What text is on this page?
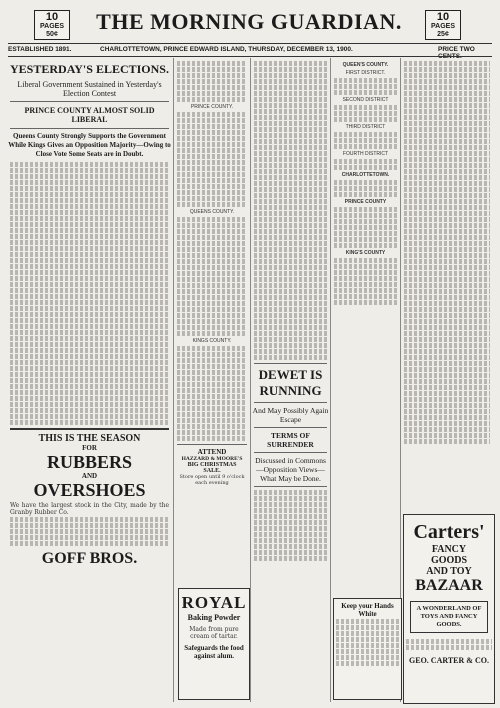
10
PAGES
50¢
THE MORNING GUARDIAN.	10
PAGES
25¢
ESTABLISHED 1891.	CHARLOTTETOWN, PRINCE EDWARD ISLAND, THURSDAY, DECEMBER 13, 1900.	PRICE TWO
YESTERDAY'S ELECTIONS.
Liberal Government Sustained in Yesterday's Election Contest
PRINCE COUNTY ALMOST SOLID LIBERAL
Queens County Strongly Supports the Government While Kings Gives an Opposition Majority—Owing to Close Vote Some Seats are in Doubt.
THIS IS THE SEASON
FOR
RUBBERS
AND
OVERSHOES
We have the largest stock in the City, made by the Granby Rubber Co.
GOFF BROS.
PRINCE COUNTY.
QUEENS COUNTY.
KINGS COUNTY.
ATTEND
HAZZARD & MOORE'S
BIG CHRISTMAS
SALE.
Store open until 9 o'clock each evening
DEWET IS
RUNNING
And May Possibly Again Escape
TERMS OF SURRENDER
Discussed in Commons—Opposition Views—What May be Done.
QUEEN'S COUNTY.
FIRST DISTRICT.
SECOND DISTRICT
THIRD DISTRICT
FOURTH DISTRICT
CHARLOTTETOWN.
PRINCE COUNTY
KING'S COUNTY
ROYAL
Baking Powder
Made from pure cream of tartar.
Safeguards the food against alum.
Keep your Hands White
Carters'
FANCY
GOODS
AND TOY
BAZAAR
A WONDERLAND OF TOYS AND FANCY GOODS.
GEO. CARTER & CO.
